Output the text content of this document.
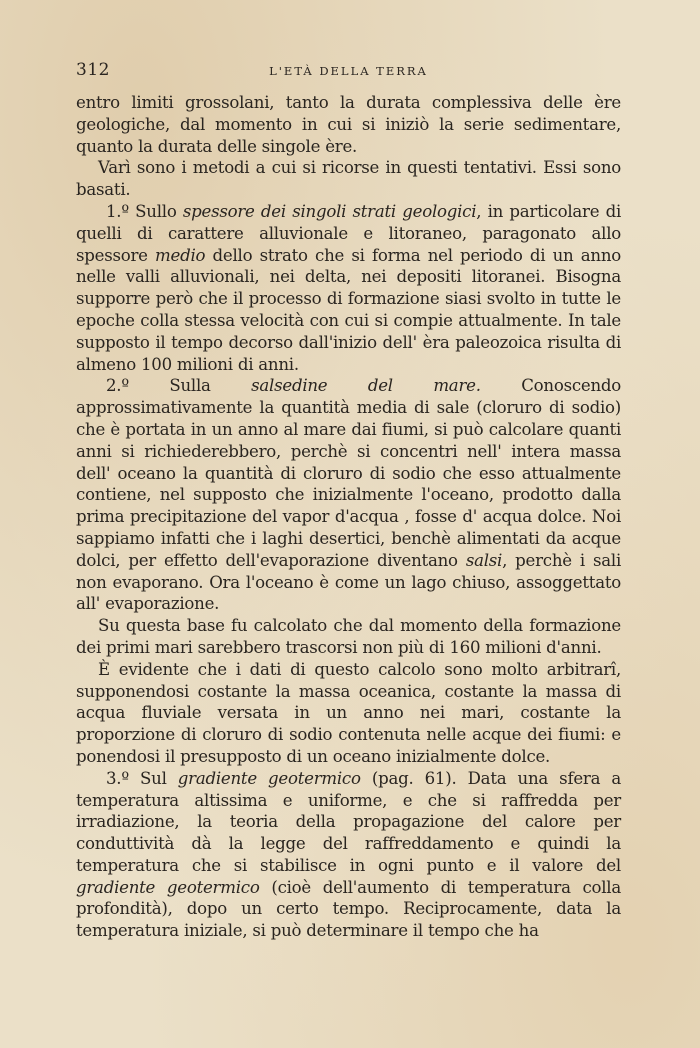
312	L'ETÀ DELLA TERRA

entro limiti grossolani, tanto la durata complessiva delle ère geologiche, dal momento in cui si iniziò la serie sedimentare, quanto la durata delle singole ère.

Varì sono i metodi a cui si ricorse in questi tentativi. Essi sono basati.

1.º Sullo spessore dei singoli strati geologici, in particolare di quelli di carattere alluvionale e litoraneo, paragonato allo spessore medio dello strato che si forma nel periodo di un anno nelle valli alluvionali, nei delta, nei depositi litoranei. Bisogna supporre però che il processo di formazione siasi svolto in tutte le epoche colla stessa velocità con cui si compie attualmente. In tale supposto il tempo decorso dall'inizio dell' èra paleozoica risulta di almeno 100 milioni di anni.

2.º Sulla salsedine del mare. Conoscendo approssimativamente la quantità media di sale (cloruro di sodio) che è portata in un anno al mare dai fiumi, si può calcolare quanti anni si richiederebbero, perchè si concentri nell' intera massa dell' oceano la quantità di cloruro di sodio che esso attualmente contiene, nel supposto che inizialmente l'oceano, prodotto dalla prima precipitazione del vapor d'acqua , fosse d' acqua dolce. Noi sappiamo infatti che i laghi desertici, benchè alimentati da acque dolci, per effetto dell'evaporazione diventano salsi, perchè i sali non evaporano. Ora l'oceano è come un lago chiuso, assoggettato all' evaporazione.

Su questa base fu calcolato che dal momento della formazione dei primi mari sarebbero trascorsi non più di 160 milioni d'anni.

È evidente che i dati di questo calcolo sono molto arbitrarî, supponendosi costante la massa oceanica, costante la massa di acqua fluviale versata in un anno nei mari, costante la proporzione di cloruro di sodio contenuta nelle acque dei fiumi: e ponendosi il presupposto di un oceano inizialmente dolce.

3.º Sul gradiente geotermico (pag. 61). Data una sfera a temperatura altissima e uniforme, e che si raffredda per irradiazione, la teoria della propagazione del calore per conduttività dà la legge del raffreddamento e quindi la temperatura che si stabilisce in ogni punto e il valore del gradiente geotermico (cioè dell'aumento di temperatura colla profondità), dopo un certo tempo. Reciprocamente, data la temperatura iniziale, si può determinare il tempo che ha
